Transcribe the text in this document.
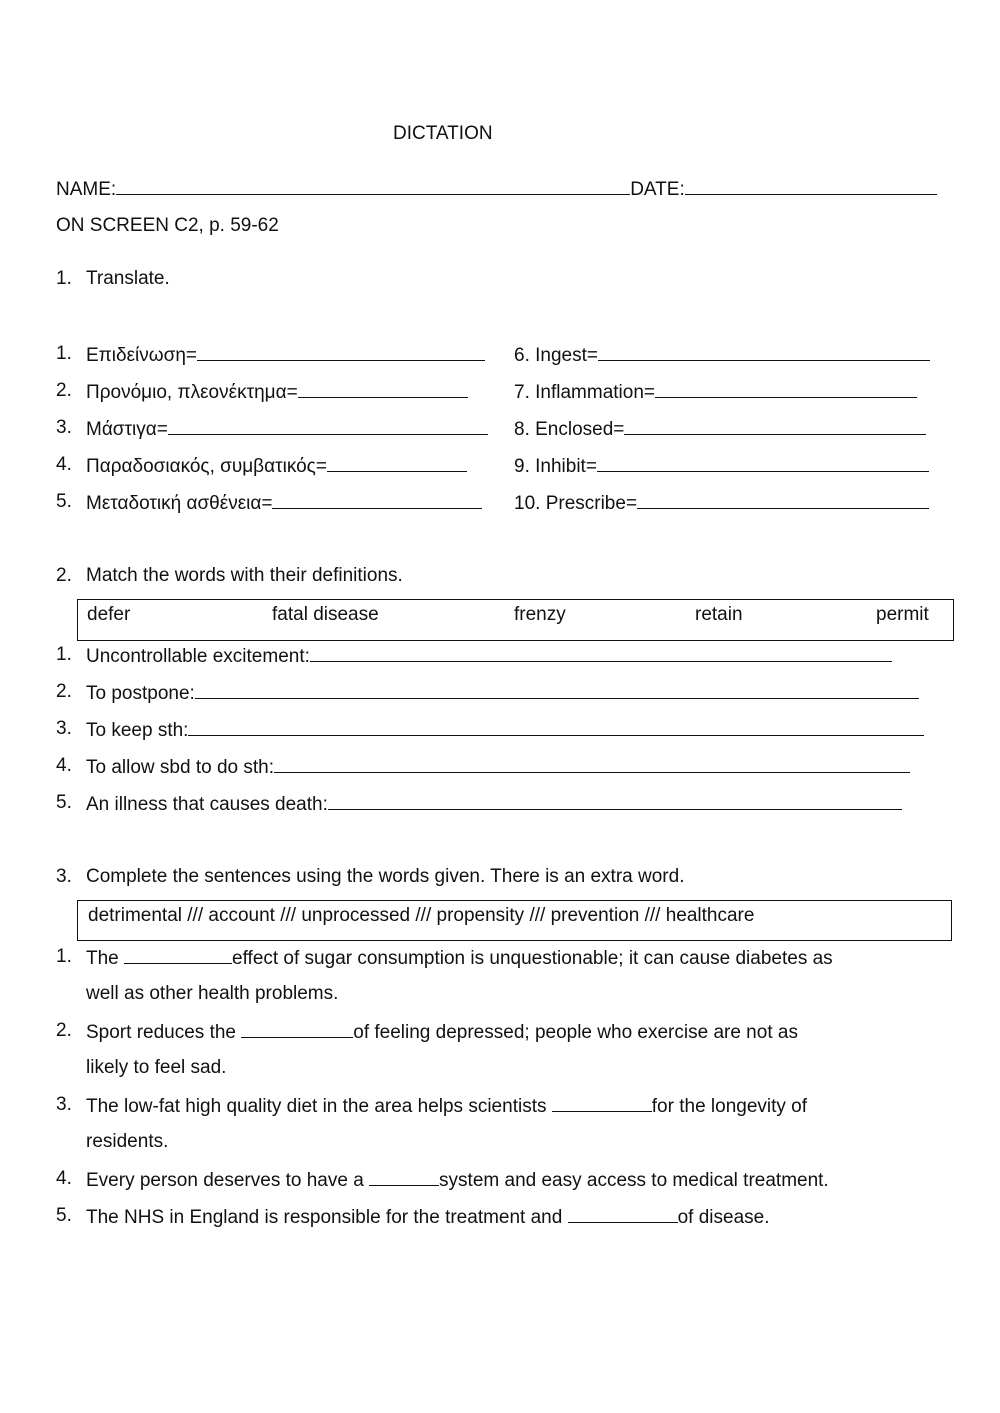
DICTATION
NAME:	DATE:
ON SCREEN C2, p. 59-62
1. Translate.
1. Επιδείνωση=
2. Προνόμιο, πλεονέκτημα=
3. Μάστιγα=
4. Παραδοσιακός, συμβατικός=
5. Μεταδοτική ασθένεια=
6. Ingest=
7. Inflammation=
8. Enclosed=
9. Inhibit=
10. Prescribe=
2. Match the words with their definitions.
defer	fatal disease	frenzy	retain	permit
1. Uncontrollable excitement:
2. To postpone:
3. To keep sth:
4. To allow sbd to do sth:
5. An illness that causes death:
3. Complete the sentences using the words given. There is an extra word.
detrimental /// account /// unprocessed /// propensity /// prevention /// healthcare
1. The	effect of sugar consumption is unquestionable; it can cause diabetes as
well as other health problems.
2. Sport reduces the	of feeling depressed; people who exercise are not as
likely to feel sad.
3. The low-fat high quality diet in the area helps scientists	for the longevity of
residents.
4. Every person deserves to have a	system and easy access to medical treatment.
5. The NHS in England is responsible for the treatment and	of disease.
